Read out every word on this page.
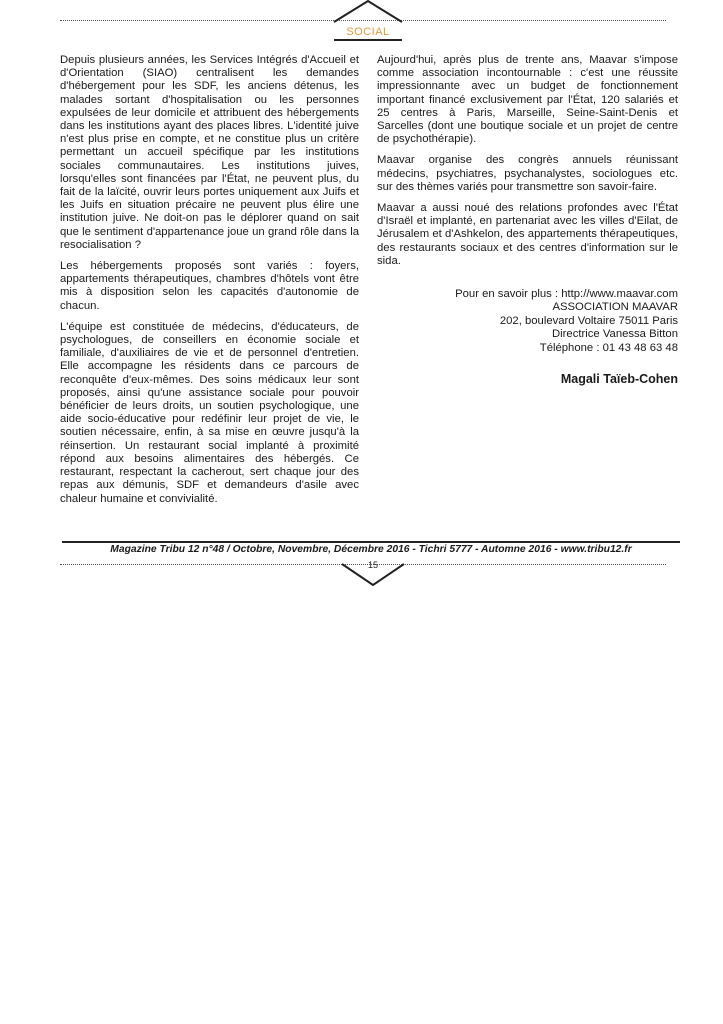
SOCIAL

Depuis plusieurs années, les Services Intégrés d'Accueil et d'Orientation (SIAO) centralisent les demandes d'hébergement pour les SDF, les anciens détenus, les malades sortant d'hospitalisation ou les personnes expulsées de leur domicile et attribuent des hébergements dans les institutions ayant des places libres. L'identité juive n'est plus prise en compte, et ne constitue plus un critère permettant un accueil spécifique par les institutions sociales communautaires. Les institutions juives, lorsqu'elles sont financées par l'État, ne peuvent plus, du fait de la laïcité, ouvrir leurs portes uniquement aux Juifs et les Juifs en situation précaire ne peuvent plus élire une institution juive. Ne doit-on pas le déplorer quand on sait que le sentiment d'appartenance joue un grand rôle dans la resocialisation ?

Les hébergements proposés sont variés : foyers, appartements thérapeutiques, chambres d'hôtels vont être mis à disposition selon les capacités d'autonomie de chacun.

L'équipe est constituée de médecins, d'éducateurs, de psychologues, de conseillers en économie sociale et familiale, d'auxiliaires de vie et de personnel d'entretien. Elle accompagne les résidents dans ce parcours de reconquête d'eux-mêmes. Des soins médicaux leur sont proposés, ainsi qu'une assistance sociale pour pouvoir bénéficier de leurs droits, un soutien psychologique, une aide socio-éducative pour redéfinir leur projet de vie, le soutien nécessaire, enfin, à sa mise en œuvre jusqu'à la réinsertion. Un restaurant social implanté à proximité répond aux besoins alimentaires des hébergés. Ce restaurant, respectant la cacherout, sert chaque jour des repas aux démunis, SDF et demandeurs d'asile avec chaleur humaine et convivialité.

Aujourd'hui, après plus de trente ans, Maavar s'impose comme association incontournable : c'est une réussite impressionnante avec un budget de fonctionnement important financé exclusivement par l'État, 120 salariés et 25 centres à Paris, Marseille, Seine-Saint-Denis et Sarcelles (dont une boutique sociale et un projet de centre de psychothérapie).

Maavar organise des congrès annuels réunissant médecins, psychiatres, psychanalystes, sociologues etc. sur des thèmes variés pour transmettre son savoir-faire.

Maavar a aussi noué des relations profondes avec l'État d'Israël et implanté, en partenariat avec les villes d'Eilat, de Jérusalem et d'Ashkelon, des appartements thérapeutiques, des restaurants sociaux et des centres d'information sur le sida.

Pour en savoir plus : http://www.maavar.com
ASSOCIATION MAAVAR
202, boulevard Voltaire 75011 Paris
Directrice Vanessa Bitton
Téléphone : 01 43 48 63 48
Magali Taïeb-Cohen
Magazine Tribu 12 n°48 / Octobre, Novembre, Décembre 2016 - Tichri 5777 - Automne 2016 - www.tribu12.fr
15
